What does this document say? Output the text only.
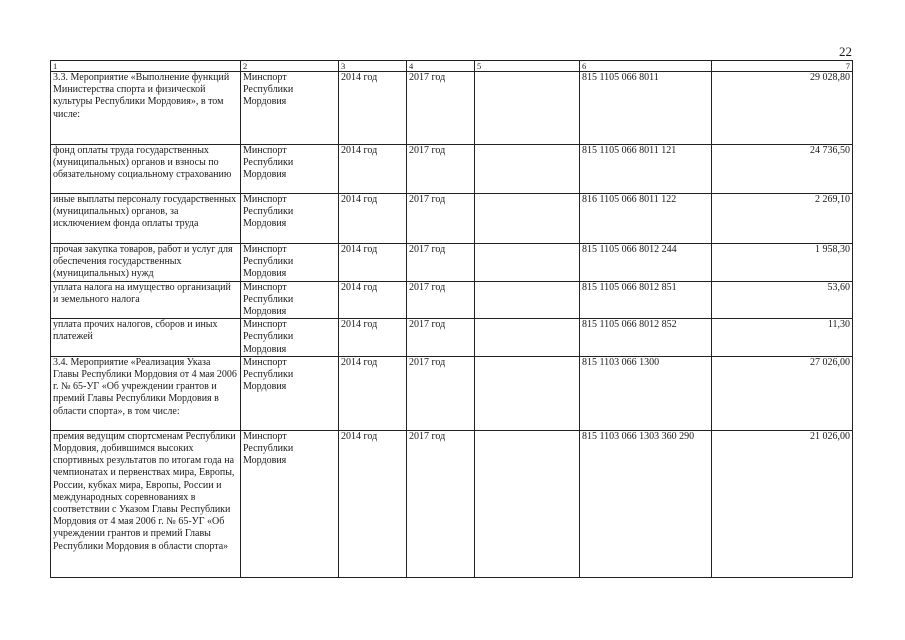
22
1	2	3	4	5	6	7
3.3. Мероприятие «Выполнение функций Министерства спорта и физической культуры Республики Мордовия», в том числе:	Минспорт Республики Мордовия	2014 год	2017 год		815 1105 066 8011	29 028,80
фонд оплаты труда государственных (муниципальных) органов и взносы по обязательному социальному страхованию	Минспорт Республики Мордовия	2014 год	2017 год		815 1105 066 8011 121	24 736,50
иные выплаты персоналу государственных (муниципальных) органов, за исключением фонда оплаты труда	Минспорт Республики Мордовия	2014 год	2017 год		816 1105 066 8011 122	2 269,10
прочая закупка товаров, работ и услуг для обеспечения государственных (муниципальных) нужд	Минспорт Республики Мордовия	2014 год	2017 год		815 1105 066 8012 244	1 958,30
уплата налога на имущество организаций и земельного налога	Минспорт Республики Мордовия	2014 год	2017 год		815 1105 066 8012 851	53,60
уплата прочих налогов, сборов и иных платежей	Минспорт Республики Мордовия	2014 год	2017 год		815 1105 066 8012 852	11,30
3.4. Мероприятие «Реализация Указа Главы Республики Мордовия от 4 мая 2006 г. № 65-УГ «Об учреждении грантов и премий Главы Республики Мордовия в области спорта», в том числе:	Минспорт Республики Мордовия	2014 год	2017 год		815 1103 066 1300	27 026,00
премия ведущим спортсменам Республики Мордовия, добившимся высоких спортивных результатов по итогам года на чемпионатах и первенствах мира, Европы, России, кубках мира, Европы, России и международных соревнованиях в соответствии с Указом Главы Республики Мордовия от 4 мая 2006 г. № 65-УГ «Об учреждении грантов и премий Главы Республики Мордовия в области спорта»	Минспорт Республики Мордовия	2014 год	2017 год		815 1103 066 1303 360 290	21 026,00
